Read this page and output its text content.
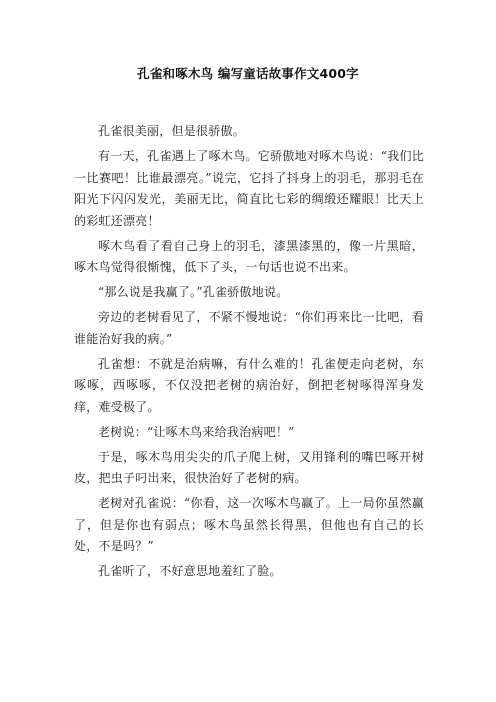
孔雀和啄木鸟 编写童话故事作文400字

孔雀很美丽，但是很骄傲。

有一天，孔雀遇上了啄木鸟。它骄傲地对啄木鸟说：“我们比一比赛吧！比谁最漂亮。”说完，它抖了抖身上的羽毛，那羽毛在阳光下闪闪发光，美丽无比，简直比七彩的绸缎还耀眼！比天上的彩虹还漂亮！

啄木鸟看了看自己身上的羽毛，漆黑漆黑的，像一片黑暗，啄木鸟觉得很惭愧，低下了头，一句话也说不出来。

“那么说是我赢了。”孔雀骄傲地说。

旁边的老树看见了，不紧不慢地说：“你们再来比一比吧，看谁能治好我的病。”

孔雀想：不就是治病嘛，有什么难的！孔雀便走向老树，东啄啄，西啄啄，不仅没把老树的病治好，倒把老树啄得浑身发痒，难受极了。

老树说：“让啄木鸟来给我治病吧！”

于是，啄木鸟用尖尖的爪子爬上树，又用锋利的嘴巴啄开树皮，把虫子叼出来，很快治好了老树的病。

老树对孔雀说：“你看，这一次啄木鸟赢了。上一局你虽然赢了，但是你也有弱点；啄木鸟虽然长得黑，但他也有自己的长处，不是吗？”

孔雀听了，不好意思地羞红了脸。
